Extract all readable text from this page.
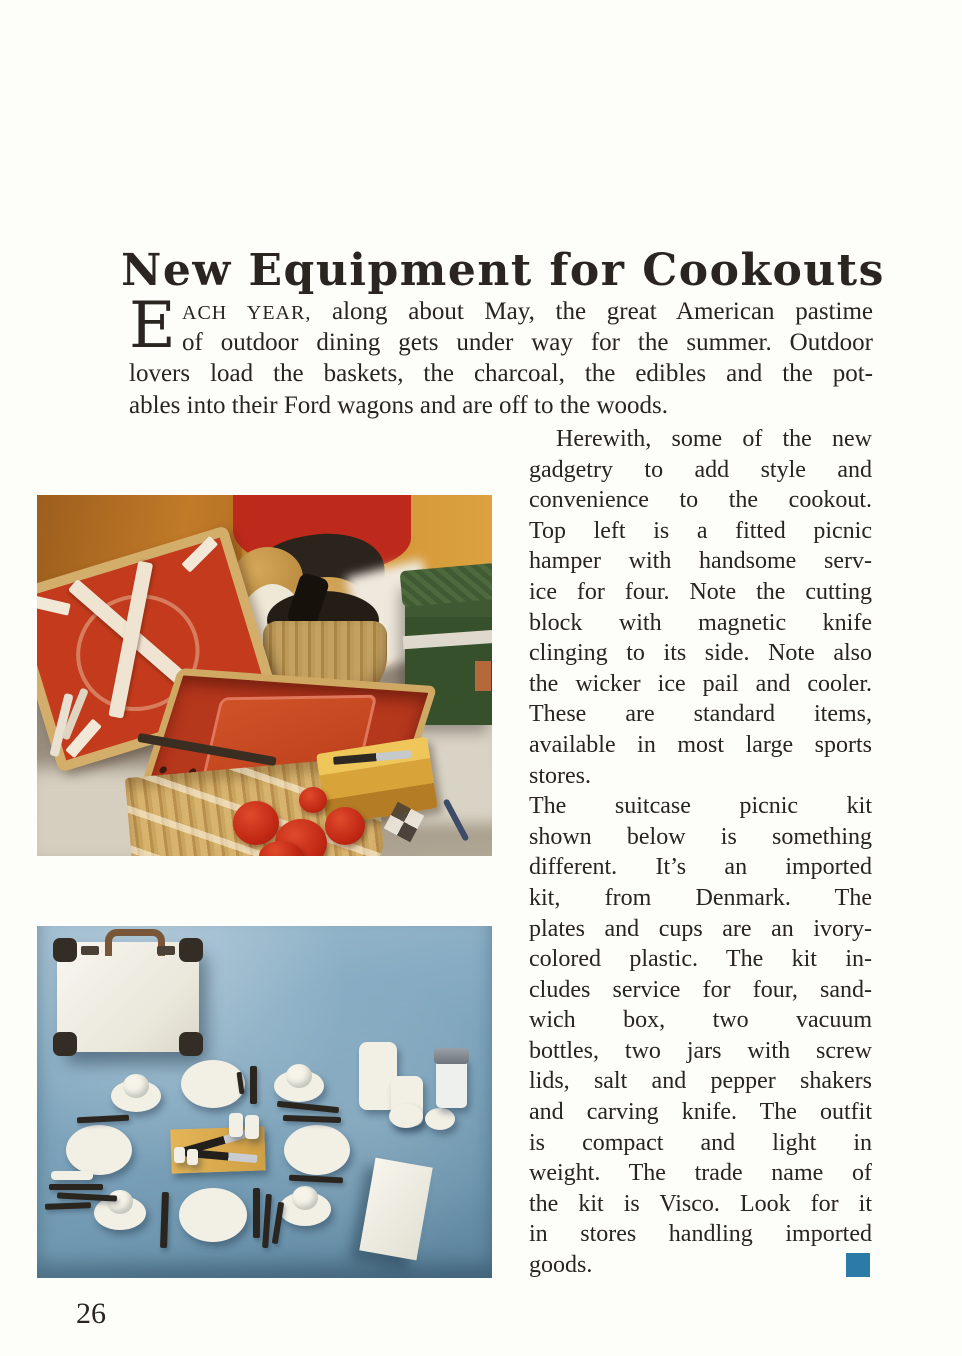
New Equipment for Cookouts
E ACH YEAR, along about May, the great American pastime
of outdoor dining gets under way for the summer. Outdoor
lovers load the baskets, the charcoal, the edibles and the pot-
ables into their Ford wagons and are off to the woods.
Herewith, some of the new
gadgetry to add style and
convenience to the cookout.
Top left is a fitted picnic
hamper with handsome serv-
ice for four. Note the cutting
block with magnetic knife
clinging to its side. Note also
the wicker ice pail and cooler.
These are standard items,
available in most large sports
stores.
The suitcase picnic kit
shown below is something
different. It’s an imported
kit, from Denmark. The
plates and cups are an ivory-
colored plastic. The kit in-
cludes service for four, sand-
wich box, two vacuum
bottles, two jars with screw
lids, salt and pepper shakers
and carving knife. The outfit
is compact and light in
weight. The trade name of
the kit is Visco. Look for it
in stores handling imported
goods.
26
